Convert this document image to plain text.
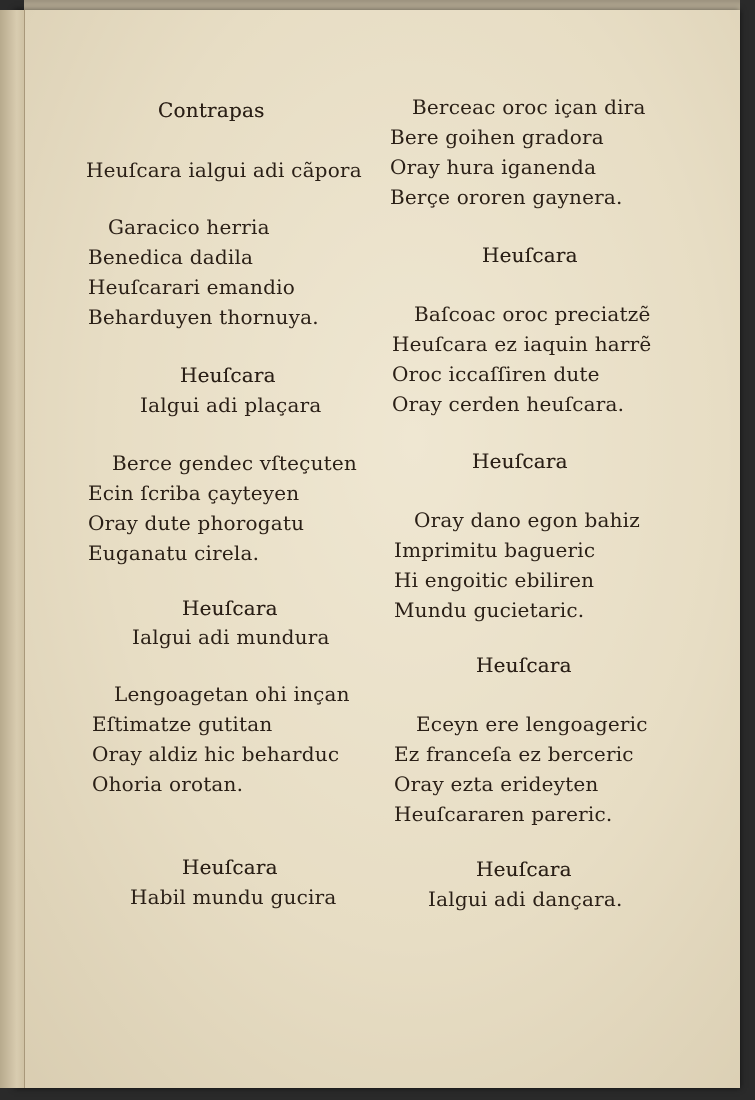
Contrapas
Heuſcara ialgui adi cãpora
Garacico herria
Benedica dadila
Heuſcarari emandio
Beharduyen thornuya.
Heuſcara
Ialgui adi plaçara
Berce gendec vſteçuten
Ecin ſcriba çayteyen
Oray dute phorogatu
Euganatu cirela.
Heuſcara
Ialgui adi mundura
Lengoagetan ohi inçan
Eſtimatze gutitan
Oray aldiz hic beharduc
Ohoria orotan.
Heuſcara
Habil mundu gucira
Berceac oroc içan dira
Bere goihen gradora
Oray hura iganenda
Berçe ororen gaynera.
Heuſcara
Baſcoac oroc preciatzẽ
Heuſcara ez iaquin harrẽ
Oroc iccaſſiren dute
Oray cerden heuſcara.
Heuſcara
Oray dano egon bahiz
Imprimitu bagueric
Hi engoitic ebiliren
Mundu gucietaric.
Heuſcara
Eceyn ere lengoageric
Ez franceſa ez berceric
Oray ezta erideyten
Heuſcararen pareric.
Heuſcara
Ialgui adi dançara.
